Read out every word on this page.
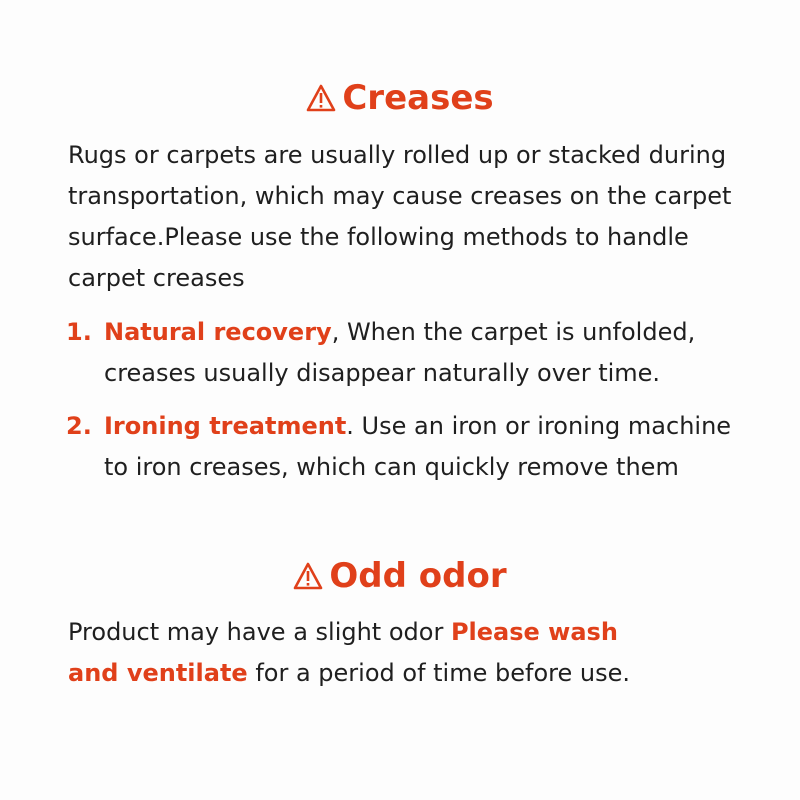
Creases
Rugs or carpets are usually rolled up or stacked during transportation, which may cause creases on the carpet surface.Please use the following methods to handle carpet creases
1. Natural recovery, When the carpet is unfolded, creases usually disappear naturally over time.
2. Ironing treatment. Use an iron or ironing machine to iron creases, which can quickly remove them
Odd odor
Product may have a slight odor Please wash and ventilate for a period of time before use.
